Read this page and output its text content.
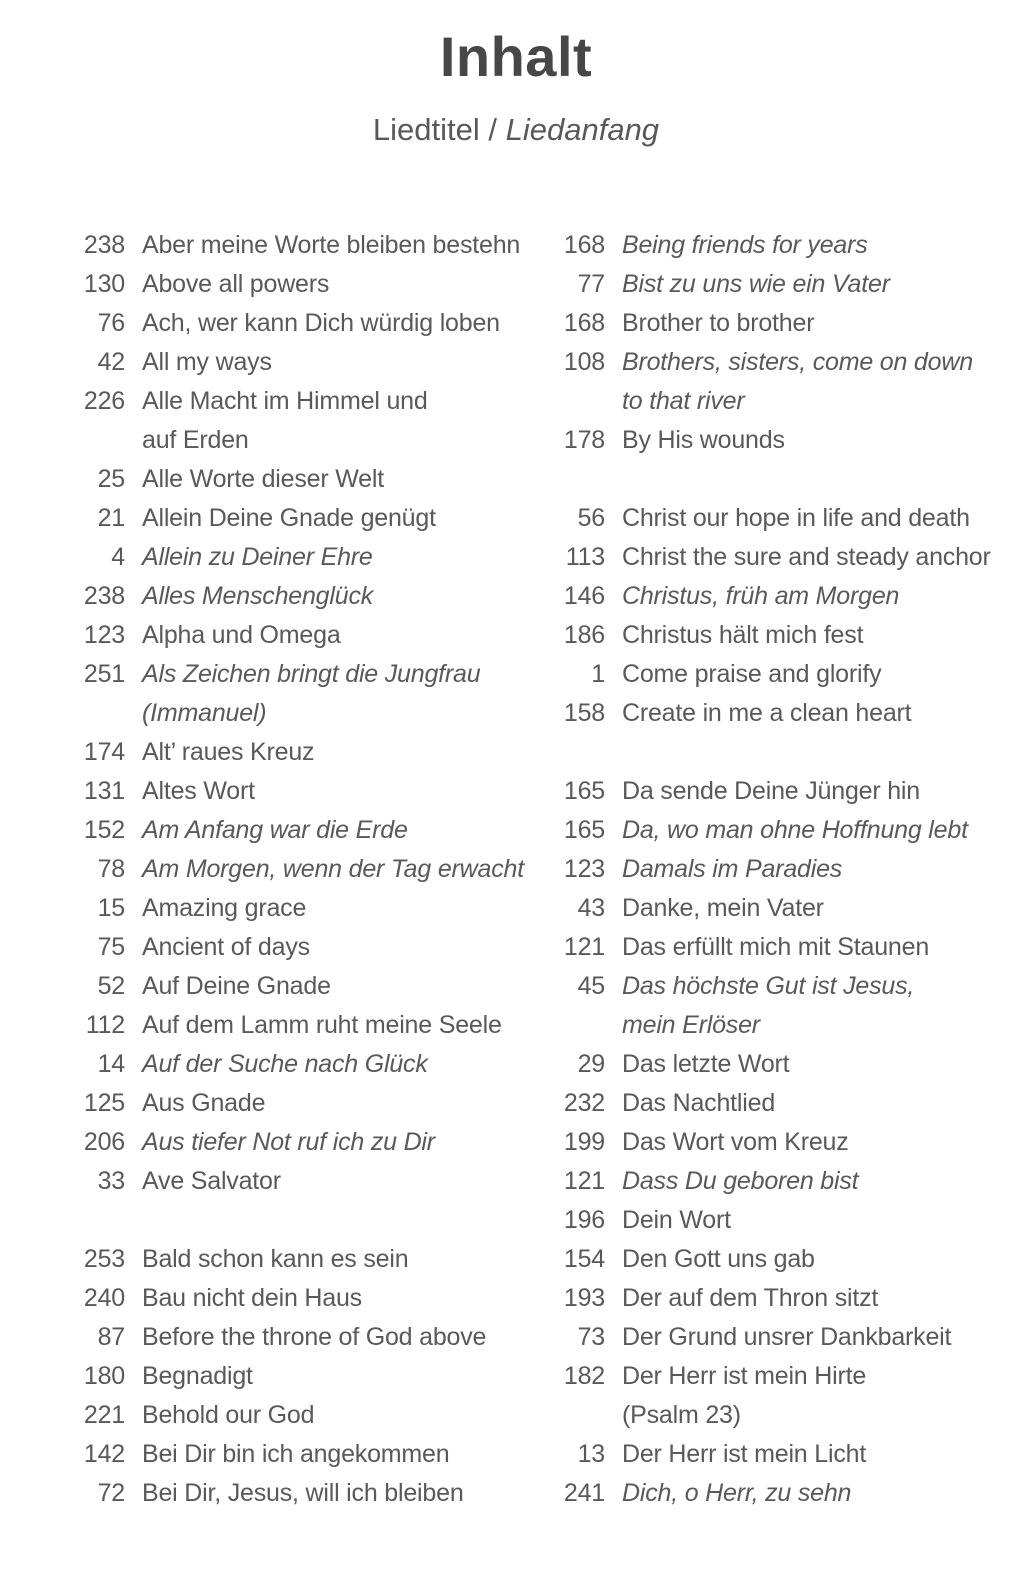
Inhalt
Liedtitel / Liedanfang
238 Aber meine Worte bleiben bestehn
130 Above all powers
76 Ach, wer kann Dich würdig loben
42 All my ways
226 Alle Macht im Himmel und
auf Erden
25 Alle Worte dieser Welt
21 Allein Deine Gnade genügt
4 Allein zu Deiner Ehre
238 Alles Menschenglück
123 Alpha und Omega
251 Als Zeichen bringt die Jungfrau
(Immanuel)
174 Alt’ raues Kreuz
131 Altes Wort
152 Am Anfang war die Erde
78 Am Morgen, wenn der Tag erwacht
15 Amazing grace
75 Ancient of days
52 Auf Deine Gnade
112 Auf dem Lamm ruht meine Seele
14 Auf der Suche nach Glück
125 Aus Gnade
206 Aus tiefer Not ruf ich zu Dir
33 Ave Salvator
253 Bald schon kann es sein
240 Bau nicht dein Haus
87 Before the throne of God above
180 Begnadigt
221 Behold our God
142 Bei Dir bin ich angekommen
72 Bei Dir, Jesus, will ich bleiben
168 Being friends for years
77 Bist zu uns wie ein Vater
168 Brother to brother
108 Brothers, sisters, come on down
to that river
178 By His wounds
56 Christ our hope in life and death
113 Christ the sure and steady anchor
146 Christus, früh am Morgen
186 Christus hält mich fest
1 Come praise and glorify
158 Create in me a clean heart
165 Da sende Deine Jünger hin
165 Da, wo man ohne Hoffnung lebt
123 Damals im Paradies
43 Danke, mein Vater
121 Das erfüllt mich mit Staunen
45 Das höchste Gut ist Jesus,
mein Erlöser
29 Das letzte Wort
232 Das Nachtlied
199 Das Wort vom Kreuz
121 Dass Du geboren bist
196 Dein Wort
154 Den Gott uns gab
193 Der auf dem Thron sitzt
73 Der Grund unsrer Dankbarkeit
182 Der Herr ist mein Hirte
(Psalm 23)
13 Der Herr ist mein Licht
241 Dich, o Herr, zu sehn
